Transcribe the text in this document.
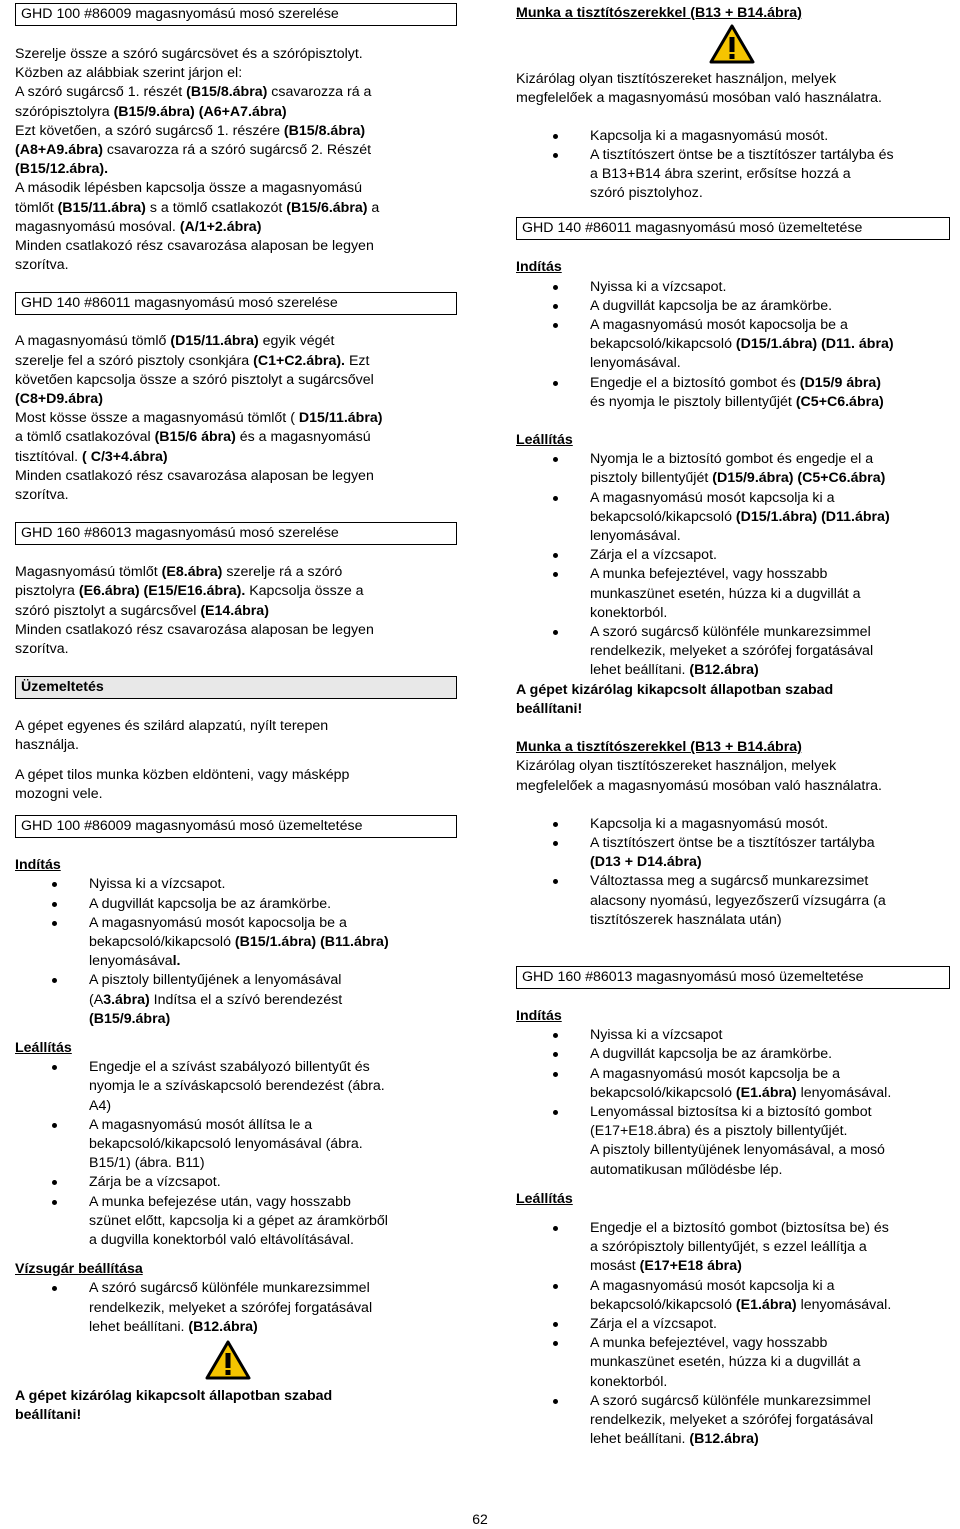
GHD 100 #86009 magasnyomású mosó szerelése
Szerelje össze a szóró sugárcsövet és a szórópisztolyt.
Közben az alábbiak szerint járjon el:
A szóró sugárcső 1. részét (B15/8.ábra) csavarozza rá a
szórópisztolyra (B15/9.ábra) (A6+A7.ábra)
Ezt követően, a szóró sugárcső 1. részére (B15/8.ábra)
(A8+A9.ábra) csavarozza rá a szóró sugárcső 2. Részét
(B15/12.ábra).
A második lépésben kapcsolja össze a magasnyomású
tömlőt (B15/11.ábra) s a tömlő csatlakozót (B15/6.ábra) a
magasnyomású mosóval. (A/1+2.ábra)
Minden csatlakozó rész csavarozása alaposan be legyen
szorítva.
GHD 140 #86011 magasnyomású mosó szerelése
A magasnyomású tömlő (D15/11.ábra) egyik végét
szerelje fel a szóró pisztoly csonkjára (C1+C2.ábra). Ezt
követően kapcsolja össze a szóró pisztolyt a sugárcsővel
(C8+D9.ábra)
Most kösse össze a magasnyomású tömlőt ( D15/11.ábra)
a tömlő csatlakozóval (B15/6 ábra) és a magasnyomású
tisztítóval. ( C/3+4.ábra)
Minden csatlakozó rész csavarozása alaposan be legyen
szorítva.
GHD 160 #86013 magasnyomású mosó szerelése
Magasnyomású tömlőt (E8.ábra) szerelje rá a szóró
pisztolyra (E6.ábra) (E15/E16.ábra). Kapcsolja össze a
szóró pisztolyt a sugárcsővel (E14.ábra)
Minden csatlakozó rész csavarozása alaposan be legyen
szorítva.
Üzemeltetés
A gépet egyenes és szilárd alapzatú, nyílt terepen
használja.
A gépet tilos munka közben eldönteni, vagy másképp
mozogni vele.
GHD 100 #86009 magasnyomású mosó üzemeltetése
Indítás
Nyissa ki a vízcsapot.
A dugvillát kapcsolja be az áramkörbe.
A magasnyomású mosót kapocsolja be a
bekapcsoló/kikapcsoló (B15/1.ábra) (B11.ábra)
lenyomásával.
A pisztoly billentyűjének a lenyomásával
(A3.ábra) Indítsa el a szívó berendezést
(B15/9.ábra)
Leállítás
Engedje el a szívást szabályozó billentyűt és
nyomja le a szíváskapcsoló berendezést (ábra.
A4)
A magasnyomású mosót állítsa le a
bekapcsoló/kikapcsoló lenyomásával (ábra.
B15/1) (ábra. B11)
Zárja be a vízcsapot.
A munka befejezése után, vagy hosszabb
szünet előtt, kapcsolja ki a gépet az áramkörből
a dugvilla konektorból való eltávolításával.
Vízsugár beállítása
A szóró sugárcső különféle munkarezsimmel
rendelkezik, melyeket a szórófej forgatásával
lehet beállítani. (B12.ábra)
A gépet kizárólag kikapcsolt állapotban szabad
beállítani!
Munka a tisztítószerekkel (B13 + B14.ábra)
Kizárólag olyan tisztítószereket használjon, melyek
megfelelőek a magasnyomású mosóban való használatra.
Kapcsolja ki a magasnyomású mosót.
A tisztítószert öntse be a tisztítószer tartályba és
a B13+B14 ábra szerint, erősítse hozzá a
szóró pisztolyhoz.
GHD 140 #86011 magasnyomású mosó üzemeltetése
Indítás
Nyissa ki a vízcsapot.
A dugvillát kapcsolja be az áramkörbe.
A magasnyomású mosót kapocsolja be a
bekapcsoló/kikapcsoló (D15/1.ábra) (D11. ábra)
lenyomásával.
Engedje el a biztosító gombot és (D15/9 ábra)
és nyomja le pisztoly billentyűjét (C5+C6.ábra)
Leállítás
Nyomja le a biztosító gombot és engedje el a
pisztoly billentyűjét (D15/9.ábra) (C5+C6.ábra)
A magasnyomású mosót kapcsolja ki a
bekapcsoló/kikapcsoló (D15/1.ábra) (D11.ábra)
lenyomásával.
Zárja el a vízcsapot.
A munka befejeztével, vagy hosszabb
munkaszünet esetén, húzza ki a dugvillát a
konektorból.
A szoró sugárcső különféle munkarezsimmel
rendelkezik, melyeket a szórófej forgatásával
lehet beállítani. (B12.ábra)
A gépet kizárólag kikapcsolt állapotban szabad
beállítani!
Munka a tisztítószerekkel (B13 + B14.ábra)
Kizárólag olyan tisztítószereket használjon, melyek
megfelelőek a magasnyomású mosóban való használatra.
Kapcsolja ki a magasnyomású mosót.
A tisztítószert öntse be a tisztítószer tartályba
(D13 + D14.ábra)
Változtassa meg a sugárcső munkarezsimet
alacsony nyomású, legyezőszerű vízsugárra (a
tisztítószerek használata után)
GHD 160 #86013 magasnyomású mosó üzemeltetése
Indítás
Nyissa ki a vízcsapot
A dugvillát kapcsolja be az áramkörbe.
A magasnyomású mosót kapcsolja be a
bekapcsoló/kikapcsoló (E1.ábra) lenyomásával.
Lenyomással biztosítsa ki a biztosító gombot
(E17+E18.ábra) és a pisztoly billentyűjét.
A pisztoly billentyüjének lenyomásával, a mosó
automatikusan műlödésbe lép.
Leállítás
Engedje el a biztosító gombot (biztosítsa be) és
a szórópisztoly billentyűjét, s ezzel leállítja a
mosást (E17+E18 ábra)
A magasnyomású mosót kapcsolja ki a
bekapcsoló/kikapcsoló (E1.ábra) lenyomásával.
Zárja el a vízcsapot.
A munka befejeztével, vagy hosszabb
munkaszünet esetén, húzza ki a dugvillát a
konektorból.
A szoró sugárcső különféle munkarezsimmel
rendelkezik, melyeket a szórófej forgatásával
lehet beállítani. (B12.ábra)
62
